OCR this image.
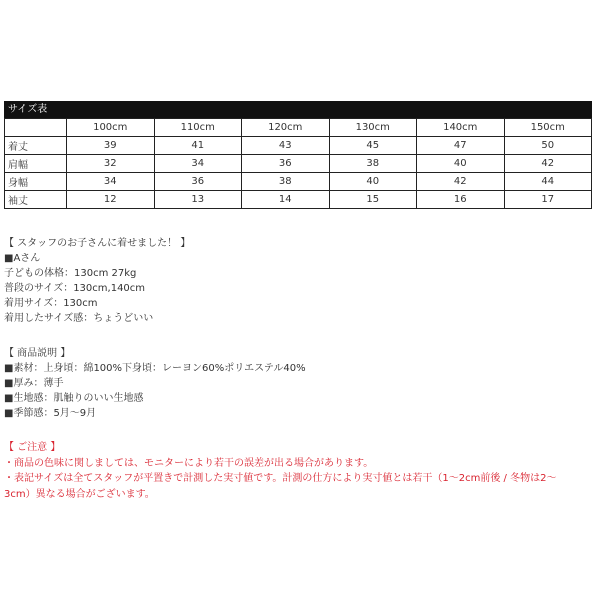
サイズ表
	100cm	110cm	120cm	130cm	140cm	150cm
着丈	39	41	43	45	47	50
肩幅	32	34	36	38	40	42
身幅	34	36	38	40	42	44
袖丈	12	13	14	15	16	17
【 スタッフのお子さんに着せました！ 】
■Aさん
子どもの体格：130cm 27kg
普段のサイズ：130cm,140cm
着用サイズ：130cm
着用したサイズ感：ちょうどいい
【 商品説明 】
■素材：上身頃：綿100%下身頃：レーヨン60%ポリエステル40%
■厚み：薄手
■生地感：肌触りのいい生地感
■季節感：5月～9月
【 ご注意 】
・商品の色味に関しましては、モニターにより若干の誤差が出る場合があります。
・表記サイズは全てスタッフが平置きで計測した実寸値です。計測の仕方により実寸値とは若干（1～2cm前後 / 冬物は2～
3cm）異なる場合がございます。
